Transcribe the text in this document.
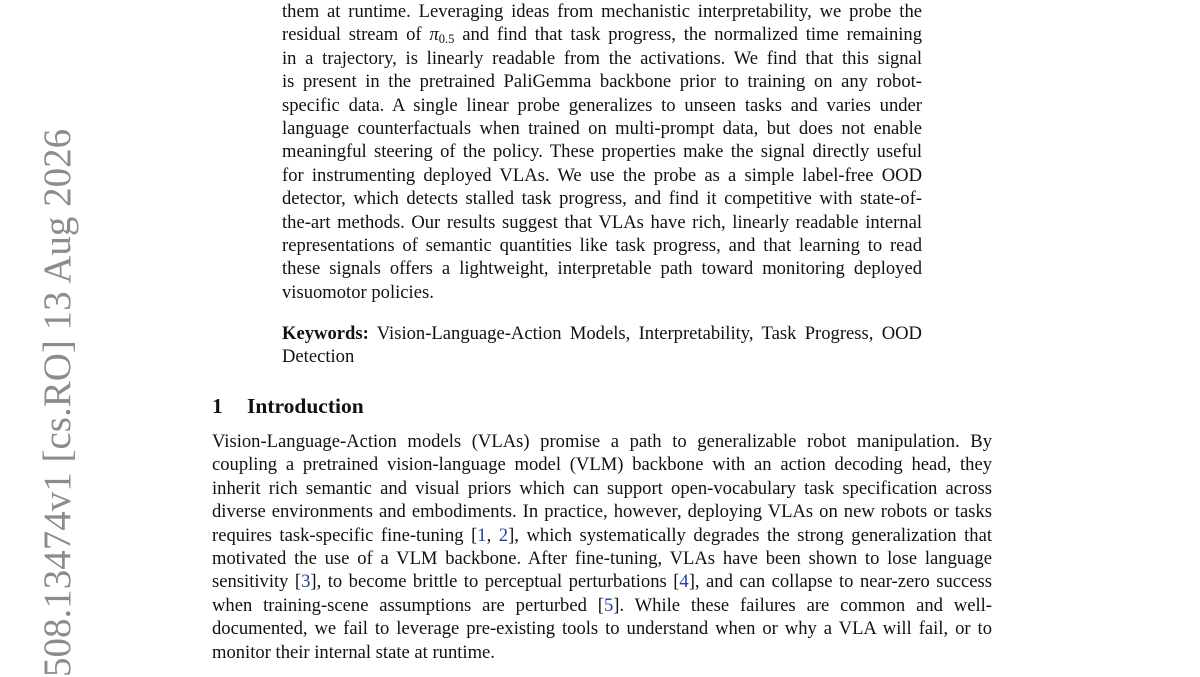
508.13474v1 [cs.RO] 13 Aug 2026
them at runtime. Leveraging ideas from mechanistic interpretability, we probe the
residual stream of $\pi_{0.5}$ and find that task progress, the normalized time remaining
in a trajectory, is linearly readable from the activations. We find that this signal
is present in the pretrained PaliGemma backbone prior to training on any robot-
specific data. A single linear probe generalizes to unseen tasks and varies under
language counterfactuals when trained on multi-prompt data, but does not enable
meaningful steering of the policy. These properties make the signal directly useful
for instrumenting deployed VLAs. We use the probe as a simple label-free OOD
detector, which detects stalled task progress, and find it competitive with state-of-
the-art methods. Our results suggest that VLAs have rich, linearly readable internal
representations of semantic quantities like task progress, and that learning to read
these signals offers a lightweight, interpretable path toward monitoring deployed
visuomotor policies.
Keywords: Vision-Language-Action Models, Interpretability, Task Progress, OOD
Detection
1 Introduction
Vision-Language-Action models (VLAs) promise a path to generalizable robot manipulation. By
coupling a pretrained vision-language model (VLM) backbone with an action decoding head, they
inherit rich semantic and visual priors which can support open-vocabulary task specification across
diverse environments and embodiments. In practice, however, deploying VLAs on new robots or tasks
requires task-specific fine-tuning [1, 2], which systematically degrades the strong generalization that
motivated the use of a VLM backbone. After fine-tuning, VLAs have been shown to lose language
sensitivity [3], to become brittle to perceptual perturbations [4], and can collapse to near-zero success
when training-scene assumptions are perturbed [5]. While these failures are common and well-
documented, we fail to leverage pre-existing tools to understand when or why a VLA will fail, or to
monitor their internal state at runtime.
